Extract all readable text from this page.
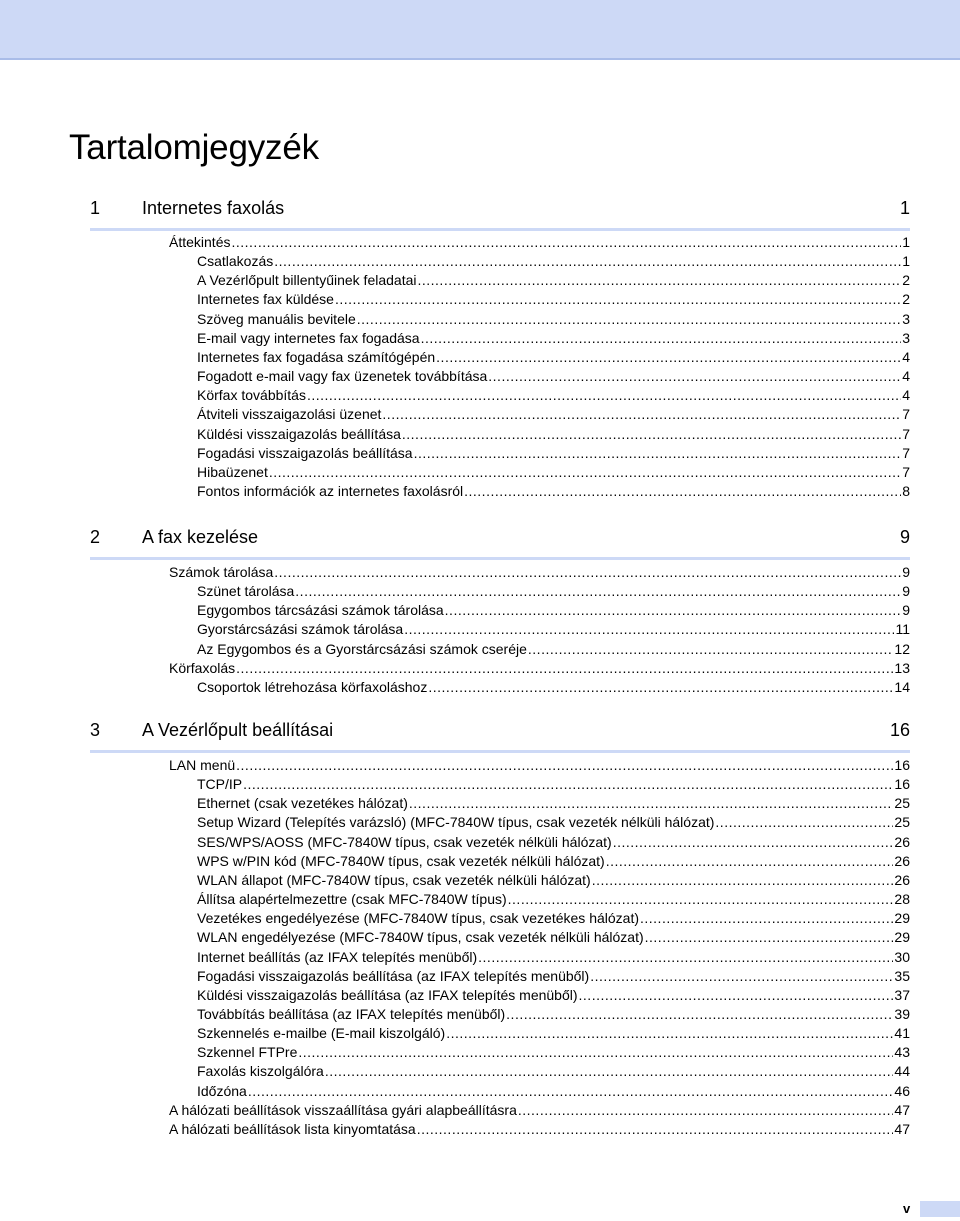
Tartalomjegyzék
1 Internetes faxolás	1
Áttekintés .....	1
Csatlakozás .....	1
A Vezérlőpult billentyűinek feladatai .....	2
Internetes fax küldése .....	2
Szöveg manuális bevitele .....	3
E-mail vagy internetes fax fogadása .....	3
Internetes fax fogadása számítógépén .....	4
Fogadott e-mail vagy fax üzenetek továbbítása .....	4
Körfax továbbítás .....	4
Átviteli visszaigazolási üzenet .....	7
Küldési visszaigazolás beállítása .....	7
Fogadási visszaigazolás beállítása .....	7
Hibaüzenet .....	7
Fontos információk az internetes faxolásról .....	8
2 A fax kezelése	9
Számok tárolása .....	9
Szünet tárolása .....	9
Egygombos tárcsázási számok tárolása .....	9
Gyorstárcsázási számok tárolása .....	11
Az Egygombos és a Gyorstárcsázási számok cseréje .....	12
Körfaxolás .....	13
Csoportok létrehozása körfaxoláshoz .....	14
3 A Vezérlőpult beállításai	16
LAN menü .....	16
TCP/IP .....	16
Ethernet (csak vezetékes hálózat) .....	25
Setup Wizard (Telepítés varázsló) (MFC-7840W típus, csak vezeték nélküli hálózat) .....	25
SES/WPS/AOSS (MFC-7840W típus, csak vezeték nélküli hálózat) .....	26
WPS w/PIN kód (MFC-7840W típus, csak vezeték nélküli hálózat) .....	26
WLAN állapot (MFC-7840W típus, csak vezeték nélküli hálózat) .....	26
Állítsa alapértelmezettre (csak MFC-7840W típus) .....	28
Vezetékes engedélyezése (MFC-7840W típus, csak vezetékes hálózat) .....	29
WLAN engedélyezése (MFC-7840W típus, csak vezeték nélküli hálózat) .....	29
Internet beállítás (az IFAX telepítés menüből) .....	30
Fogadási visszaigazolás beállítása (az IFAX telepítés menüből) .....	35
Küldési visszaigazolás beállítása (az IFAX telepítés menüből) .....	37
Továbbítás beállítása (az IFAX telepítés menüből) .....	39
Szkennelés e-mailbe (E-mail kiszolgáló) .....	41
Szkennel FTPre .....	43
Faxolás kiszolgálóra .....	44
Időzóna .....	46
A hálózati beállítások visszaállítása gyári alapbeállításra .....	47
A hálózati beállítások lista kinyomtatása .....	47
v
